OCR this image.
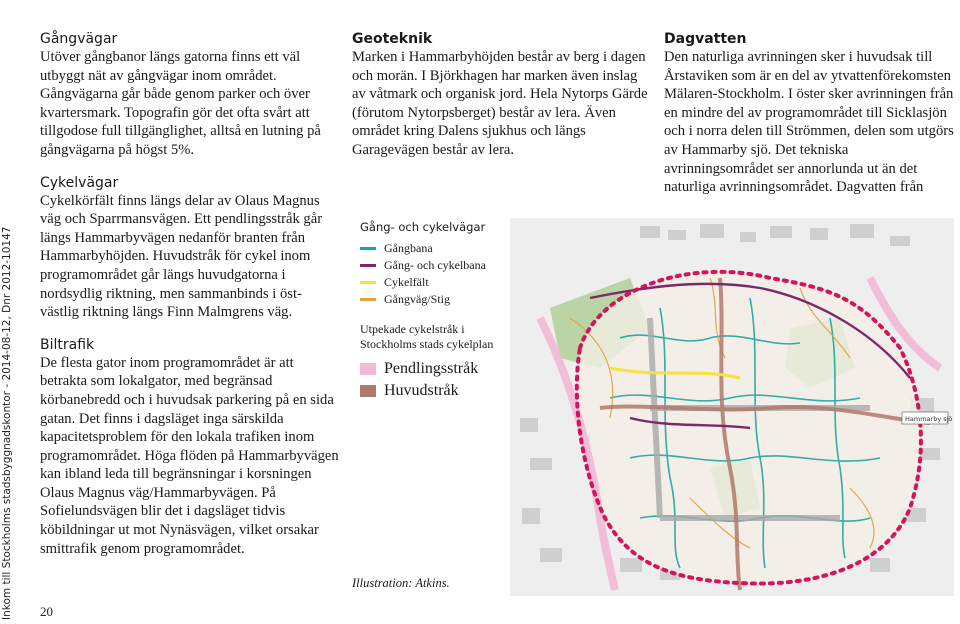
Inkom till Stockholms stadsbyggnadskontor - 2014-08-12, Dnr 2012-10147
Gångvägar

Utöver gångbanor längs gatorna finns ett väl utbyggt nät av gångvägar inom området. Gångvägarna går både genom parker och över kvartersmark. Topografin gör det ofta svårt att tillgodose full tillgänglighet, alltså en lutning på gångvägarna på högst 5%.

Cykelvägar

Cykelkörfält finns längs delar av Olaus Magnus väg och Sparrmansvägen. Ett pendlingsstråk går längs Hammarbyvägen nedanför branten från Hammarbyhöjden. Huvudstråk för cykel inom programområdet går längs huvudgatorna i nordsydlig riktning, men sammanbinds i öst-västlig riktning längs Finn Malmgrens väg.

Biltrafik

De flesta gator inom programområdet är att betrakta som lokalgator, med begränsad körbanebredd och i huvudsak parkering på en sida gatan. Det finns i dagsläget inga särskilda kapacitetsproblem för den lokala trafiken inom programområdet. Höga flöden på Hammarbyvägen kan ibland leda till begränsningar i korsningen Olaus Magnus väg/Hammarbyvägen. På Sofielundsvägen blir det i dagsläget tidvis köbildningar ut mot Nynäsvägen, vilket orsakar smittrafik genom programområdet.

Geoteknik

Marken i Hammarbyhöjden består av berg i dagen och morän. I Björkhagen har marken även inslag av våtmark och organisk jord. Hela Nytorps Gärde (förutom Nytorpsberget) består av lera. Även området kring Dalens sjukhus och längs Garagevägen består av lera.

Dagvatten

Den naturliga avrinningen sker i huvudsak till Årstaviken som är en del av ytvattenförekomsten Mälaren-Stockholm. I öster sker avrinningen från en mindre del av programområdet till Sicklasjön och i norra delen till Strömmen, delen som utgörs av Hammarby sjö. Det tekniska avrinningsområdet ser annorlunda ut än det naturliga avrinningsområdet. Dagvatten från

Gång- och cykelvägar
Gångbana
Gång- och cykelbana
Cykelfält
Gångväg/Stig
Utpekade cykelstråk i Stockholms stads cykelplan
Pendlingsstråk
Huvudstråk
Hammarby sjö
Illustration: Atkins.
20
